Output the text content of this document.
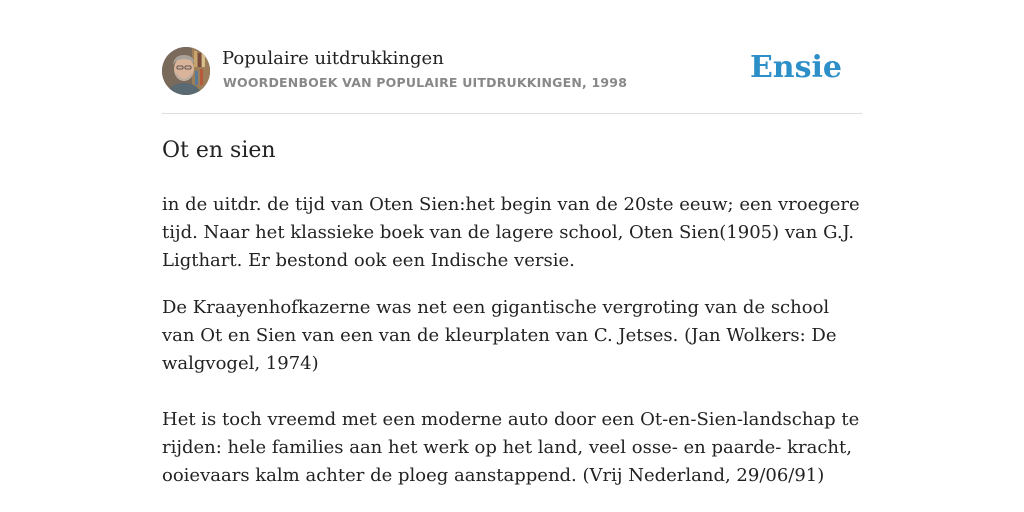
Populaire uitdrukkingen
WOORDENBOEK VAN POPULAIRE UITDRUKKINGEN, 1998	Ensie
Ot en sien

in de uitdr. de tijd van Oten Sien:het begin van de 20ste eeuw; een vroegere tijd. Naar het klassieke boek van de lagere school, Oten Sien(1905) van G.J. Ligthart. Er bestond ook een Indische versie.

De Kraayenhofkazerne was net een gigantische vergroting van de school van Ot en Sien van een van de kleurplaten van C. Jetses. (Jan Wolkers: De walgvogel, 1974)

Het is toch vreemd met een moderne auto door een Ot-en-Sien-landschap te rijden: hele families aan het werk op het land, veel osse- en paarde- kracht, ooievaars kalm achter de ploeg aanstappend. (Vrij Nederland, 29/06/91)
